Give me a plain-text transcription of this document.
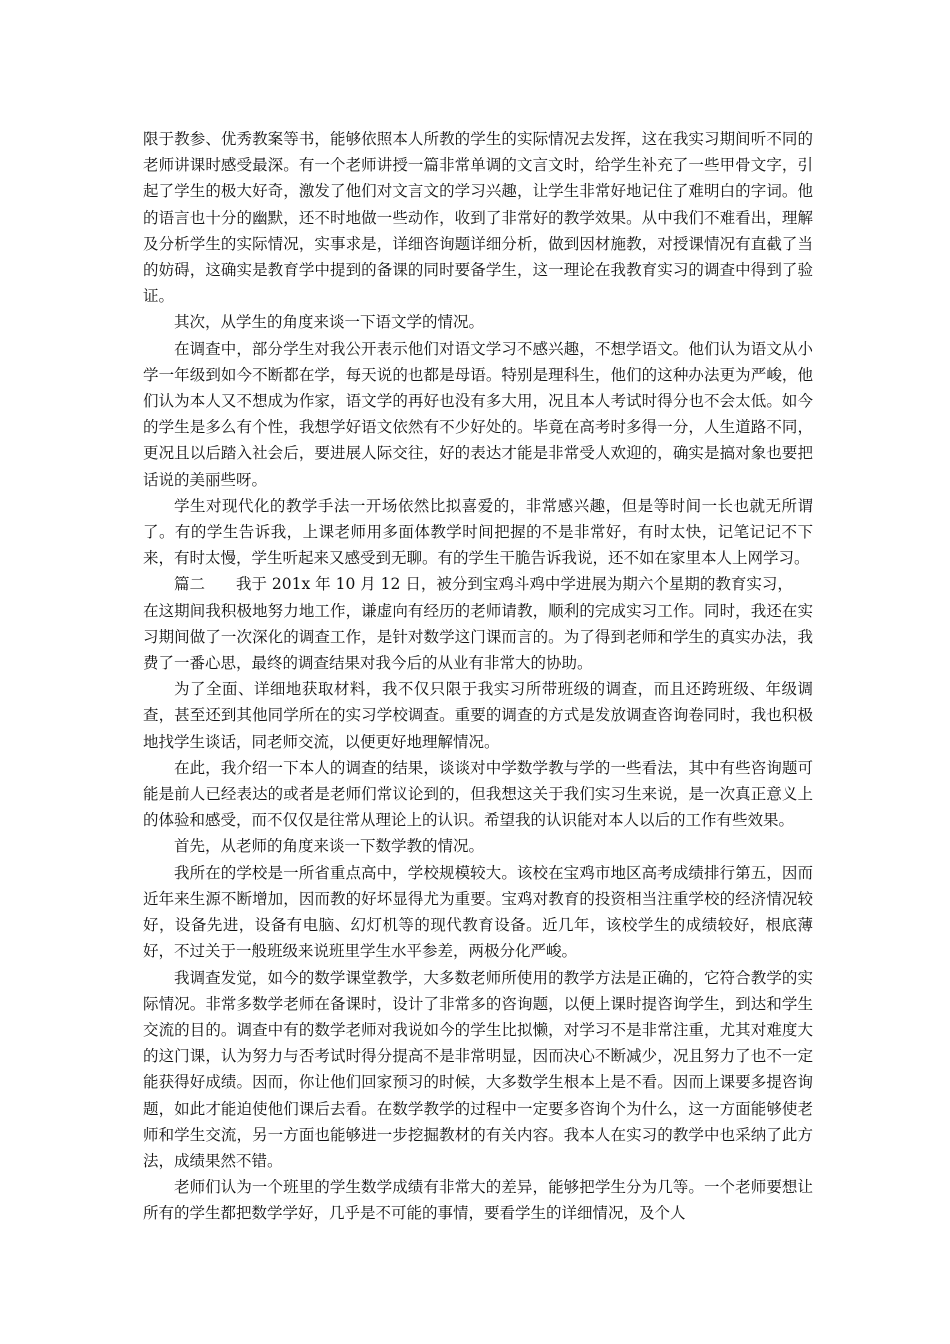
限于教参、优秀教案等书，能够依照本人所教的学生的实际情况去发挥，这在我实习期间听不同的老师讲课时感受最深。有一个老师讲授一篇非常单调的文言文时，给学生补充了一些甲骨文字，引起了学生的极大好奇，激发了他们对文言文的学习兴趣，让学生非常好地记住了难明白的字词。他的语言也十分的幽默，还不时地做一些动作，收到了非常好的教学效果。从中我们不难看出，理解及分析学生的实际情况，实事求是，详细咨询题详细分析，做到因材施教，对授课情况有直截了当的妨碍，这确实是教育学中提到的备课的同时要备学生，这一理论在我教育实习的调查中得到了验证。

其次，从学生的角度来谈一下语文学的情况。

在调查中，部分学生对我公开表示他们对语文学习不感兴趣，不想学语文。他们认为语文从小学一年级到如今不断都在学，每天说的也都是母语。特别是理科生，他们的这种办法更为严峻，他们认为本人又不想成为作家，语文学的再好也没有多大用，况且本人考试时得分也不会太低。如今的学生是多么有个性，我想学好语文依然有不少好处的。毕竟在高考时多得一分，人生道路不同，更况且以后踏入社会后，要进展人际交往，好的表达才能是非常受人欢迎的，确实是搞对象也要把话说的美丽些呀。

学生对现代化的教学手法一开场依然比拟喜爱的，非常感兴趣，但是等时间一长也就无所谓了。有的学生告诉我，上课老师用多面体教学时间把握的不是非常好，有时太快，记笔记记不下来，有时太慢，学生听起来又感受到无聊。有的学生干脆告诉我说，还不如在家里本人上网学习。

篇二 我于 201x 年 10 月 12 日，被分到宝鸡斗鸡中学进展为期六个星期的教育实习，

在这期间我积极地努力地工作，谦虚向有经历的老师请教，顺利的完成实习工作。同时，我还在实习期间做了一次深化的调查工作，是针对数学这门课而言的。为了得到老师和学生的真实办法，我费了一番心思，最终的调查结果对我今后的从业有非常大的协助。

为了全面、详细地获取材料，我不仅只限于我实习所带班级的调查，而且还跨班级、年级调查，甚至还到其他同学所在的实习学校调查。重要的调查的方式是发放调查咨询卷同时，我也积极地找学生谈话，同老师交流，以便更好地理解情况。

在此，我介绍一下本人的调查的结果，谈谈对中学数学教与学的一些看法，其中有些咨询题可能是前人已经表达的或者是老师们常议论到的，但我想这关于我们实习生来说，是一次真正意义上的体验和感受，而不仅仅是往常从理论上的认识。希望我的认识能对本人以后的工作有些效果。

首先，从老师的角度来谈一下数学教的情况。

我所在的学校是一所省重点高中，学校规模较大。该校在宝鸡市地区高考成绩排行第五，因而近年来生源不断增加，因而教的好坏显得尤为重要。宝鸡对教育的投资相当注重学校的经济情况较好，设备先进，设备有电脑、幻灯机等的现代教育设备。近几年，该校学生的成绩较好，根底薄好，不过关于一般班级来说班里学生水平参差，两极分化严峻。

我调查发觉，如今的数学课堂教学，大多数老师所使用的教学方法是正确的，它符合教学的实际情况。非常多数学老师在备课时，设计了非常多的咨询题，以便上课时提咨询学生，到达和学生交流的目的。调查中有的数学老师对我说如今的学生比拟懒，对学习不是非常注重，尤其对难度大的这门课，认为努力与否考试时得分提高不是非常明显，因而决心不断减少，况且努力了也不一定能获得好成绩。因而，你让他们回家预习的时候，大多数学生根本上是不看。因而上课要多提咨询题，如此才能迫使他们课后去看。在数学教学的过程中一定要多咨询个为什么，这一方面能够使老师和学生交流，另一方面也能够进一步挖掘教材的有关内容。我本人在实习的教学中也采纳了此方法，成绩果然不错。

老师们认为一个班里的学生数学成绩有非常大的差异，能够把学生分为几等。一个老师要想让所有的学生都把数学学好，几乎是不可能的事情，要看学生的详细情况，及个人
